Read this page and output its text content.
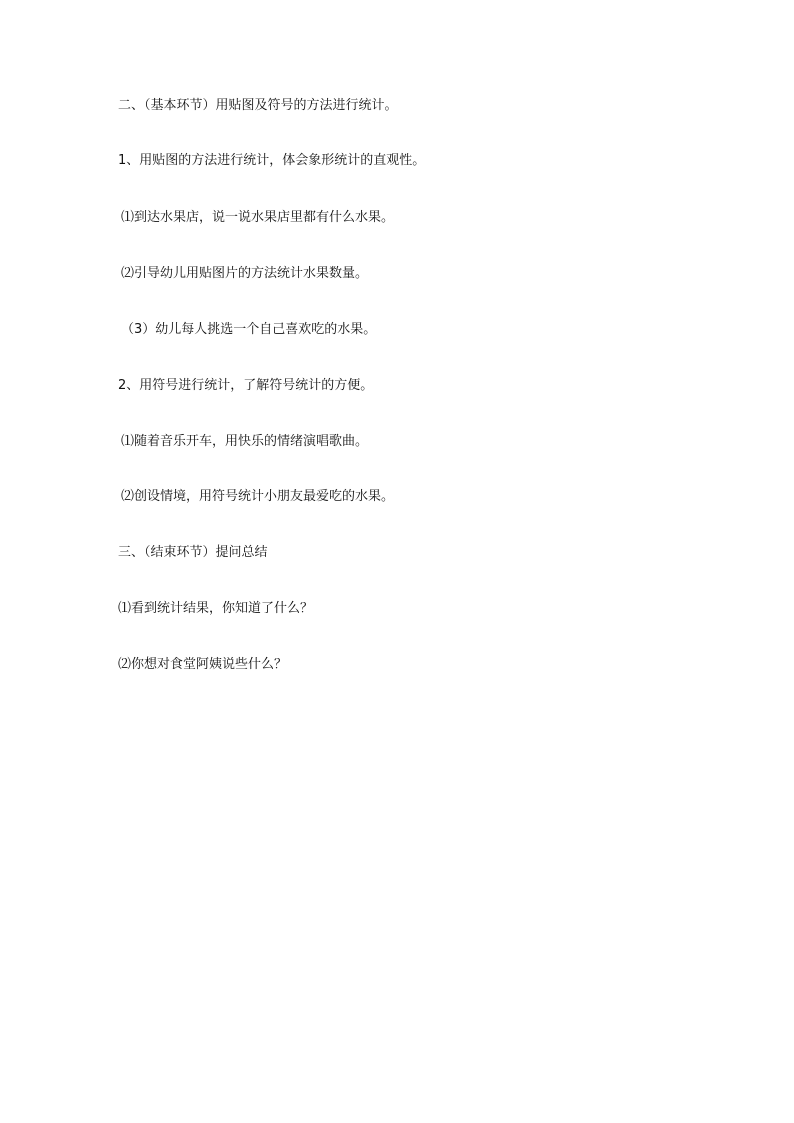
二、（基本环节）用贴图及符号的方法进行统计。
1、用贴图的方法进行统计，体会象形统计的直观性。
⑴到达水果店，说一说水果店里都有什么水果。
⑵引导幼儿用贴图片的方法统计水果数量。
（3）幼儿每人挑选一个自己喜欢吃的水果。
2、用符号进行统计，了解符号统计的方便。
⑴随着音乐开车，用快乐的情绪演唱歌曲。
⑵创设情境，用符号统计小朋友最爱吃的水果。
三、（结束环节）提问总结
⑴看到统计结果，你知道了什么？
⑵你想对食堂阿姨说些什么？
